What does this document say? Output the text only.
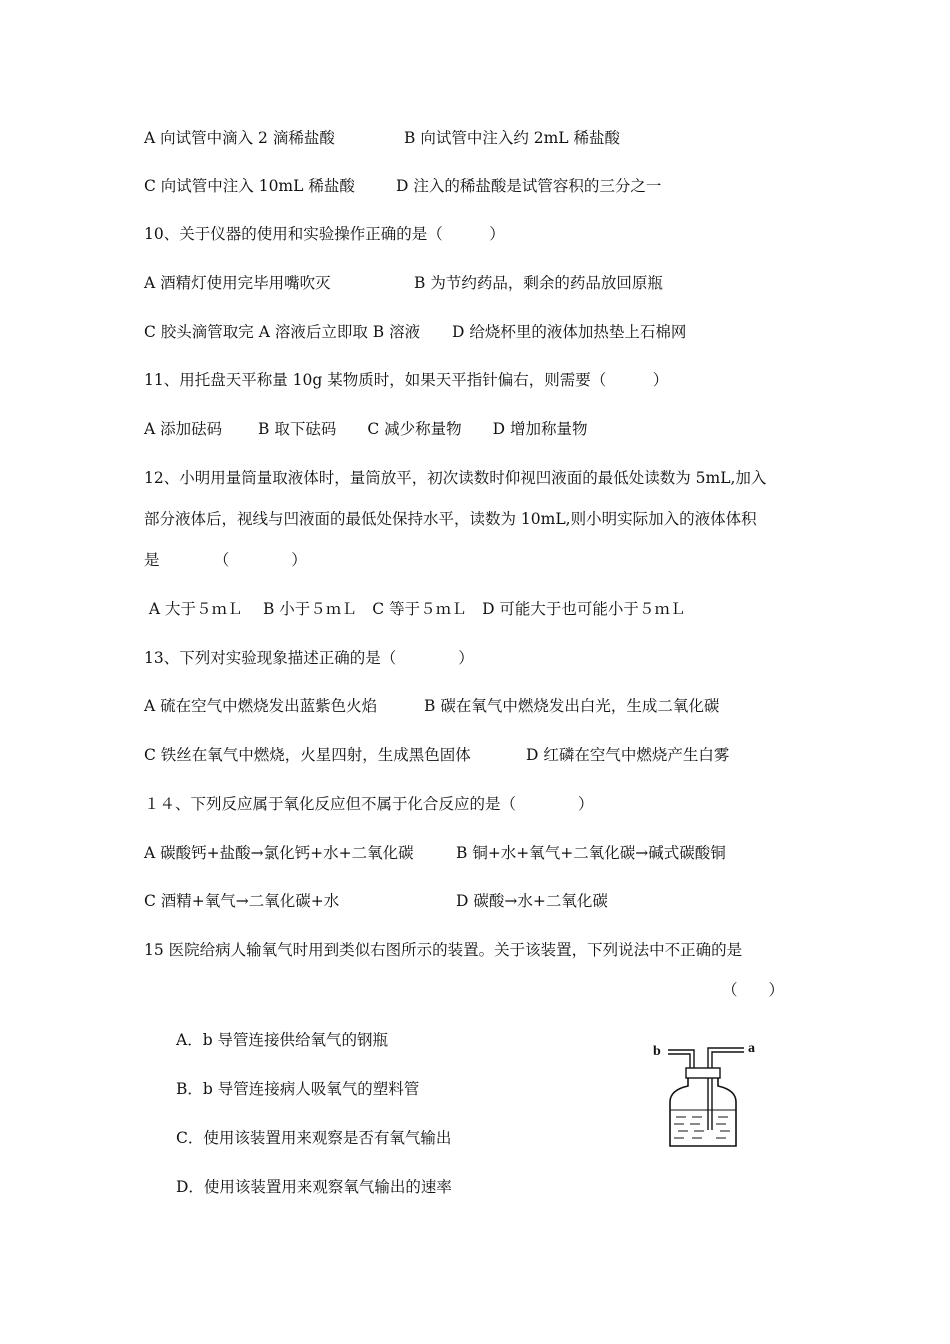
A 向试管中滴入 2 滴稀盐酸	B 向试管中注入约 2mL 稀盐酸
C 向试管中注入 10mL 稀盐酸	D 注入的稀盐酸是试管容积的三分之一
10、关于仪器的使用和实验操作正确的是（　　　）
A 酒精灯使用完毕用嘴吹灭	B 为节约药品，剩余的药品放回原瓶
C 胶头滴管取完 A 溶液后立即取 B 溶液 D 给烧杯里的液体加热垫上石棉网
11、用托盘天平称量 10g 某物质时，如果天平指针偏右，则需要（　　　）
A 添加砝码　　 B 取下砝码　　C 减少称量物　　D 增加称量物
12、小明用量筒量取液体时，量筒放平，初次读数时仰视凹液面的最低处读数为 5mL,加入
部分液体后，视线与凹液面的最低处保持水平，读数为 10mL,则小明实际加入的液体体积
是　　　　（　　　　）
A 大于５ｍＬ　 B 小于５ｍＬ　C 等于５ｍＬ　D 可能大于也可能小于５ｍＬ
13、下列对实验现象描述正确的是（　　　　）
A 硫在空气中燃烧发出蓝紫色火焰	B 碳在氧气中燃烧发出白光，生成二氧化碳
C 铁丝在氧气中燃烧，火星四射，生成黑色固体	D 红磷在空气中燃烧产生白雾
１４、下列反应属于氧化反应但不属于化合反应的是（　　　　）
A 碳酸钙+盐酸→氯化钙+水+二氧化碳	B 铜+水+氧气+二氧化碳→碱式碳酸铜
C 酒精+氧气→二氧化碳+水	D 碳酸→水+二氧化碳
15 医院给病人输氧气时用到类似右图所示的装置。关于该装置，下列说法中不正确的是
（　　）
A．b 导管连接供给氧气的钢瓶
B．b 导管连接病人吸氧气的塑料管
C．使用该装置用来观察是否有氧气输出
D．使用该装置用来观察氧气输出的速率
b	a
